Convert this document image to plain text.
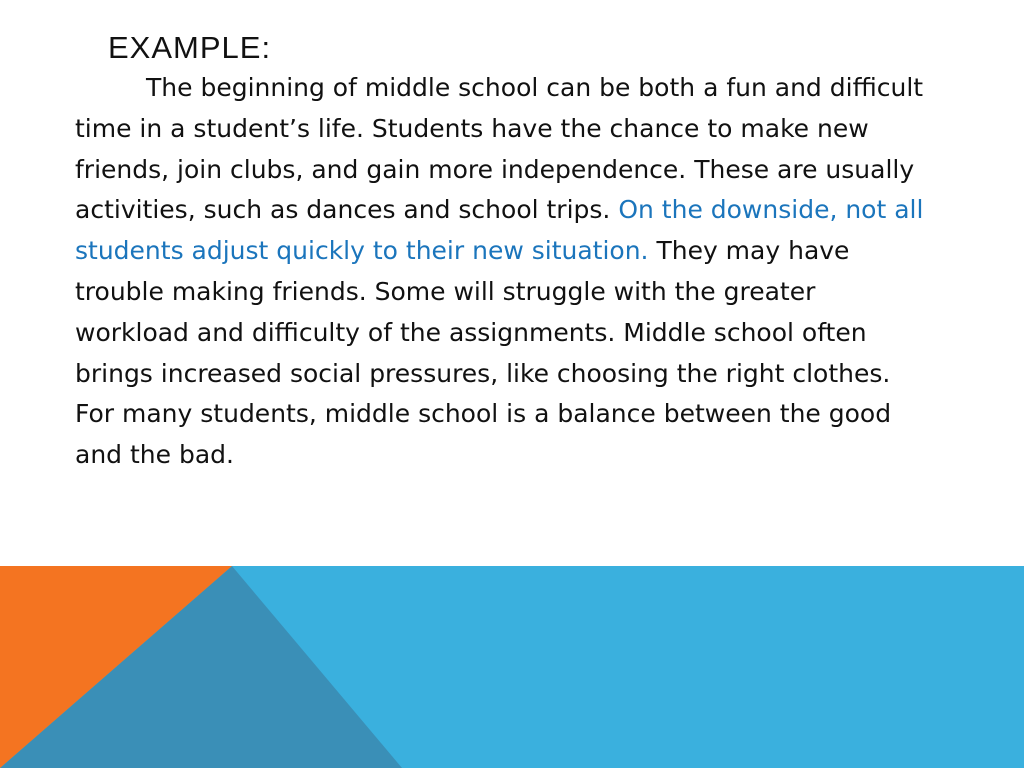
EXAMPLE:

The beginning of middle school can be both a fun and difficult time in a student’s life. Students have the chance to make new friends, join clubs, and gain more independence. These are usually activities, such as dances and school trips. On the downside, not all students adjust quickly to their new situation. They may have trouble making friends. Some will struggle with the greater workload and difficulty of the assignments. Middle school often brings increased social pressures, like choosing the right clothes. For many students, middle school is a balance between the good and the bad.
